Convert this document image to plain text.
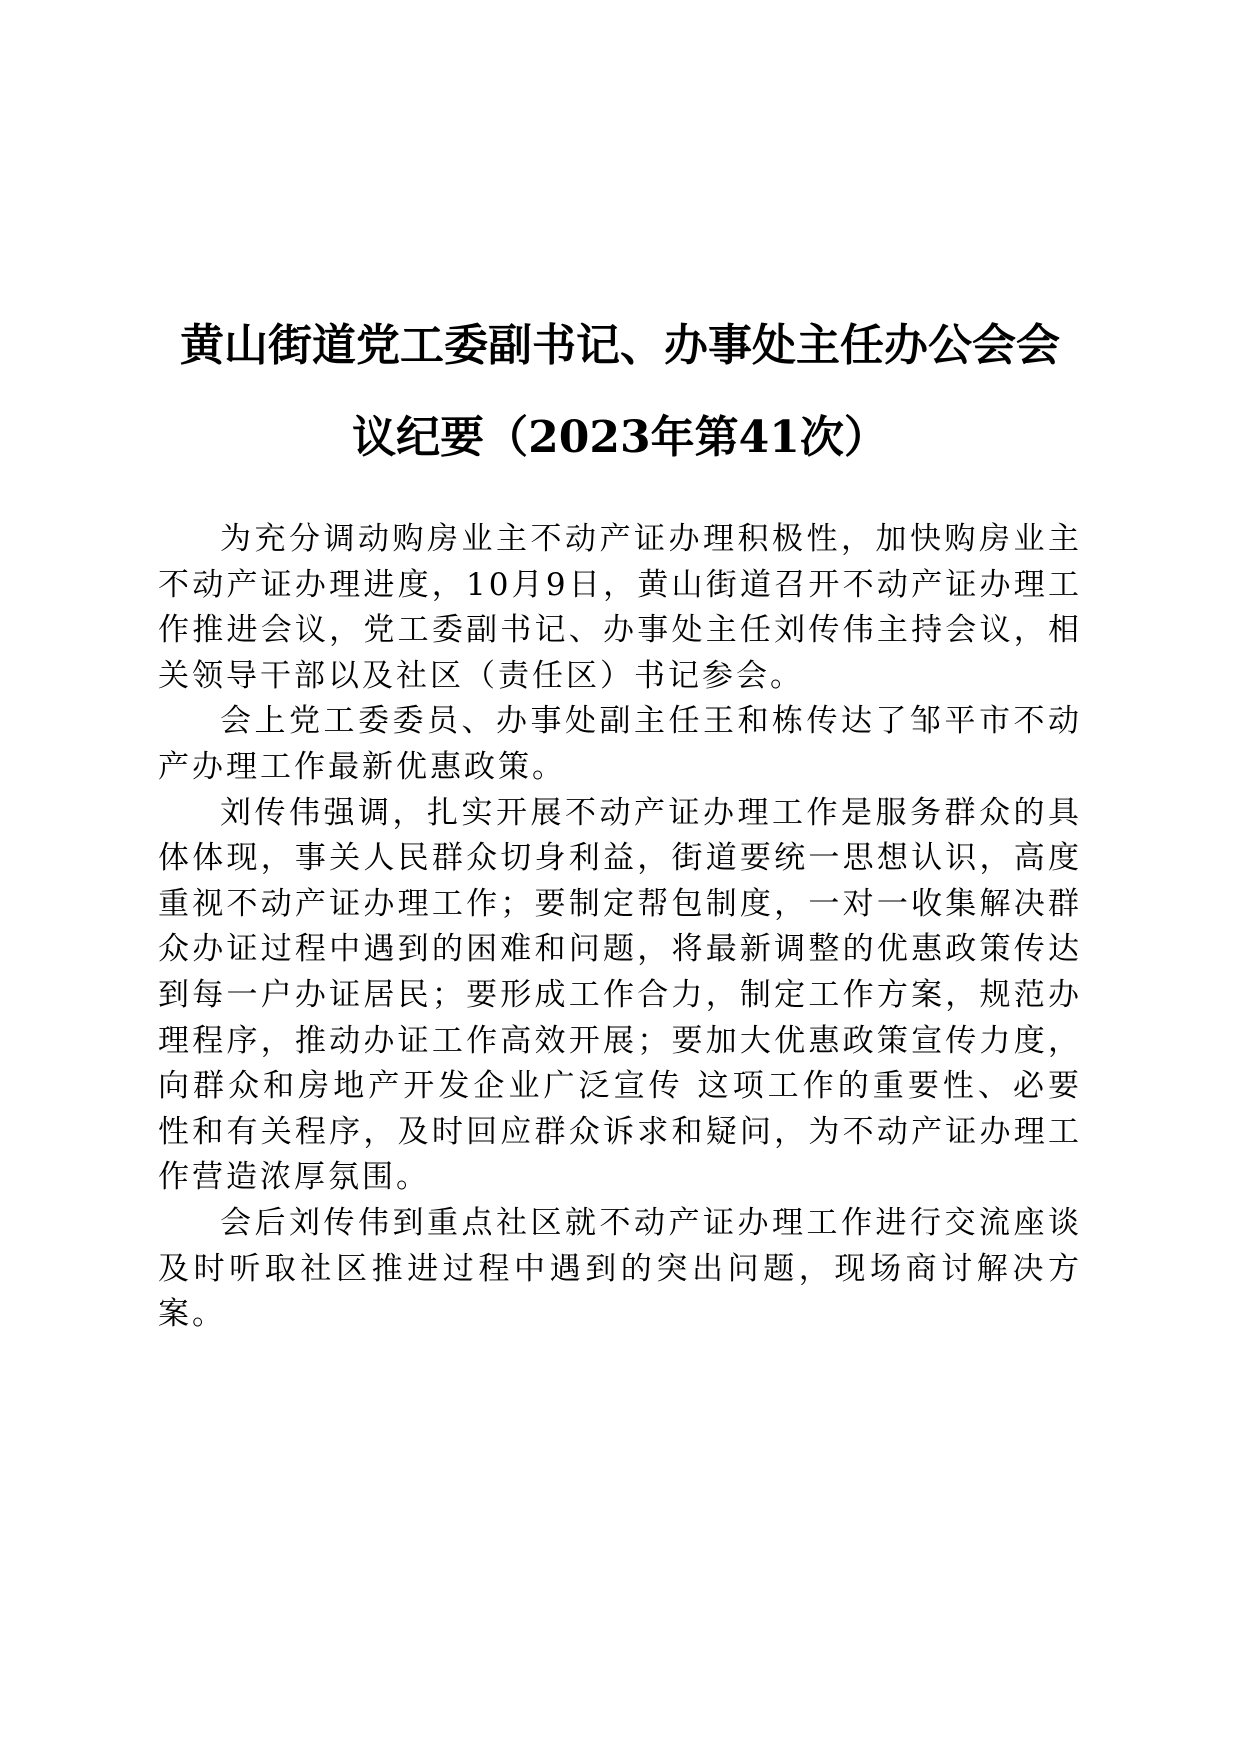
黄山街道党工委副书记、办事处主任办公会会
议纪要（2023年第41次）

为充分调动购房业主不动产证办理积极性，加快购房业主不动产证办理进度，10月9日，黄山街道召开不动产证办理工作推进会议，党工委副书记、办事处主任刘传伟主持会议，相关领导干部以及社区（责任区）书记参会。

会上党工委委员、办事处副主任王和栋传达了邹平市不动产办理工作最新优惠政策。

刘传伟强调，扎实开展不动产证办理工作是服务群众的具体体现，事关人民群众切身利益，街道要统一思想认识，高度重视不动产证办理工作；要制定帮包制度，一对一收集解决群众办证过程中遇到的困难和问题，将最新调整的优惠政策传达到每一户办证居民；要形成工作合力，制定工作方案，规范办理程序，推动办证工作高效开展；要加大优惠政策宣传力度，向群众和房地产开发企业广泛宣传 这项工作的重要性、必要性和有关程序，及时回应群众诉求和疑问，为不动产证办理工作营造浓厚氛围。

会后刘传伟到重点社区就不动产证办理工作进行交流座谈及时听取社区推进过程中遇到的突出问题，现场商讨解决方案。
